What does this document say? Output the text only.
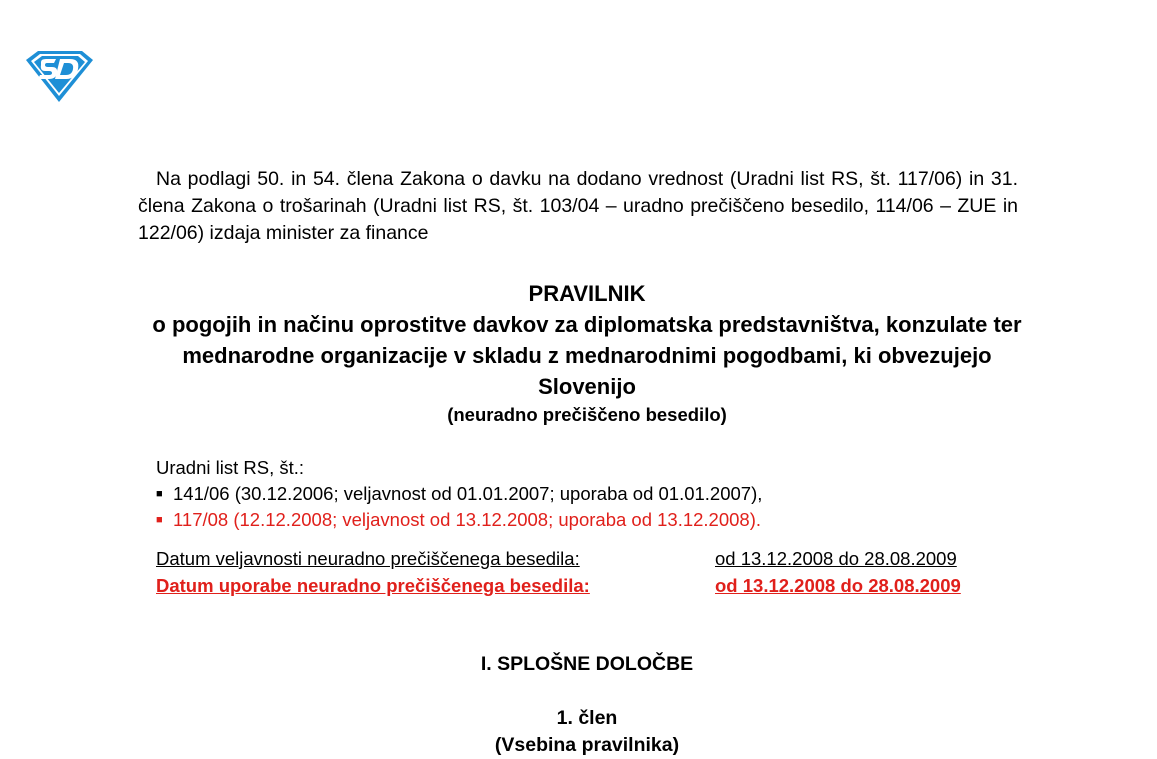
Na podlagi 50. in 54. člena Zakona o davku na dodano vrednost (Uradni list RS, št. 117/06) in 31. člena Zakona o trošarinah (Uradni list RS, št. 103/04 – uradno prečiščeno besedilo, 114/06 – ZUE in 122/06) izdaja minister za finance

PRAVILNIK

o pogojih in načinu oprostitve davkov za diplomatska predstavništva, konzulate ter mednarodne organizacije v skladu z mednarodnimi pogodbami, ki obvezujejo Slovenijo

(neuradno prečiščeno besedilo)

Uradni list RS, št.:

■ 141/06 (30.12.2006; veljavnost od 01.01.2007; uporaba od 01.01.2007),
■ 117/08 (12.12.2008; veljavnost od 13.12.2008; uporaba od 13.12.2008).
Datum veljavnosti neuradno prečiščenega besedila:	od 13.12.2008 do 28.08.2009
Datum uporabe neuradno prečiščenega besedila:	od 13.12.2008 do 28.08.2009

I. SPLOŠNE DOLOČBE

1. člen

(Vsebina pravilnika)
